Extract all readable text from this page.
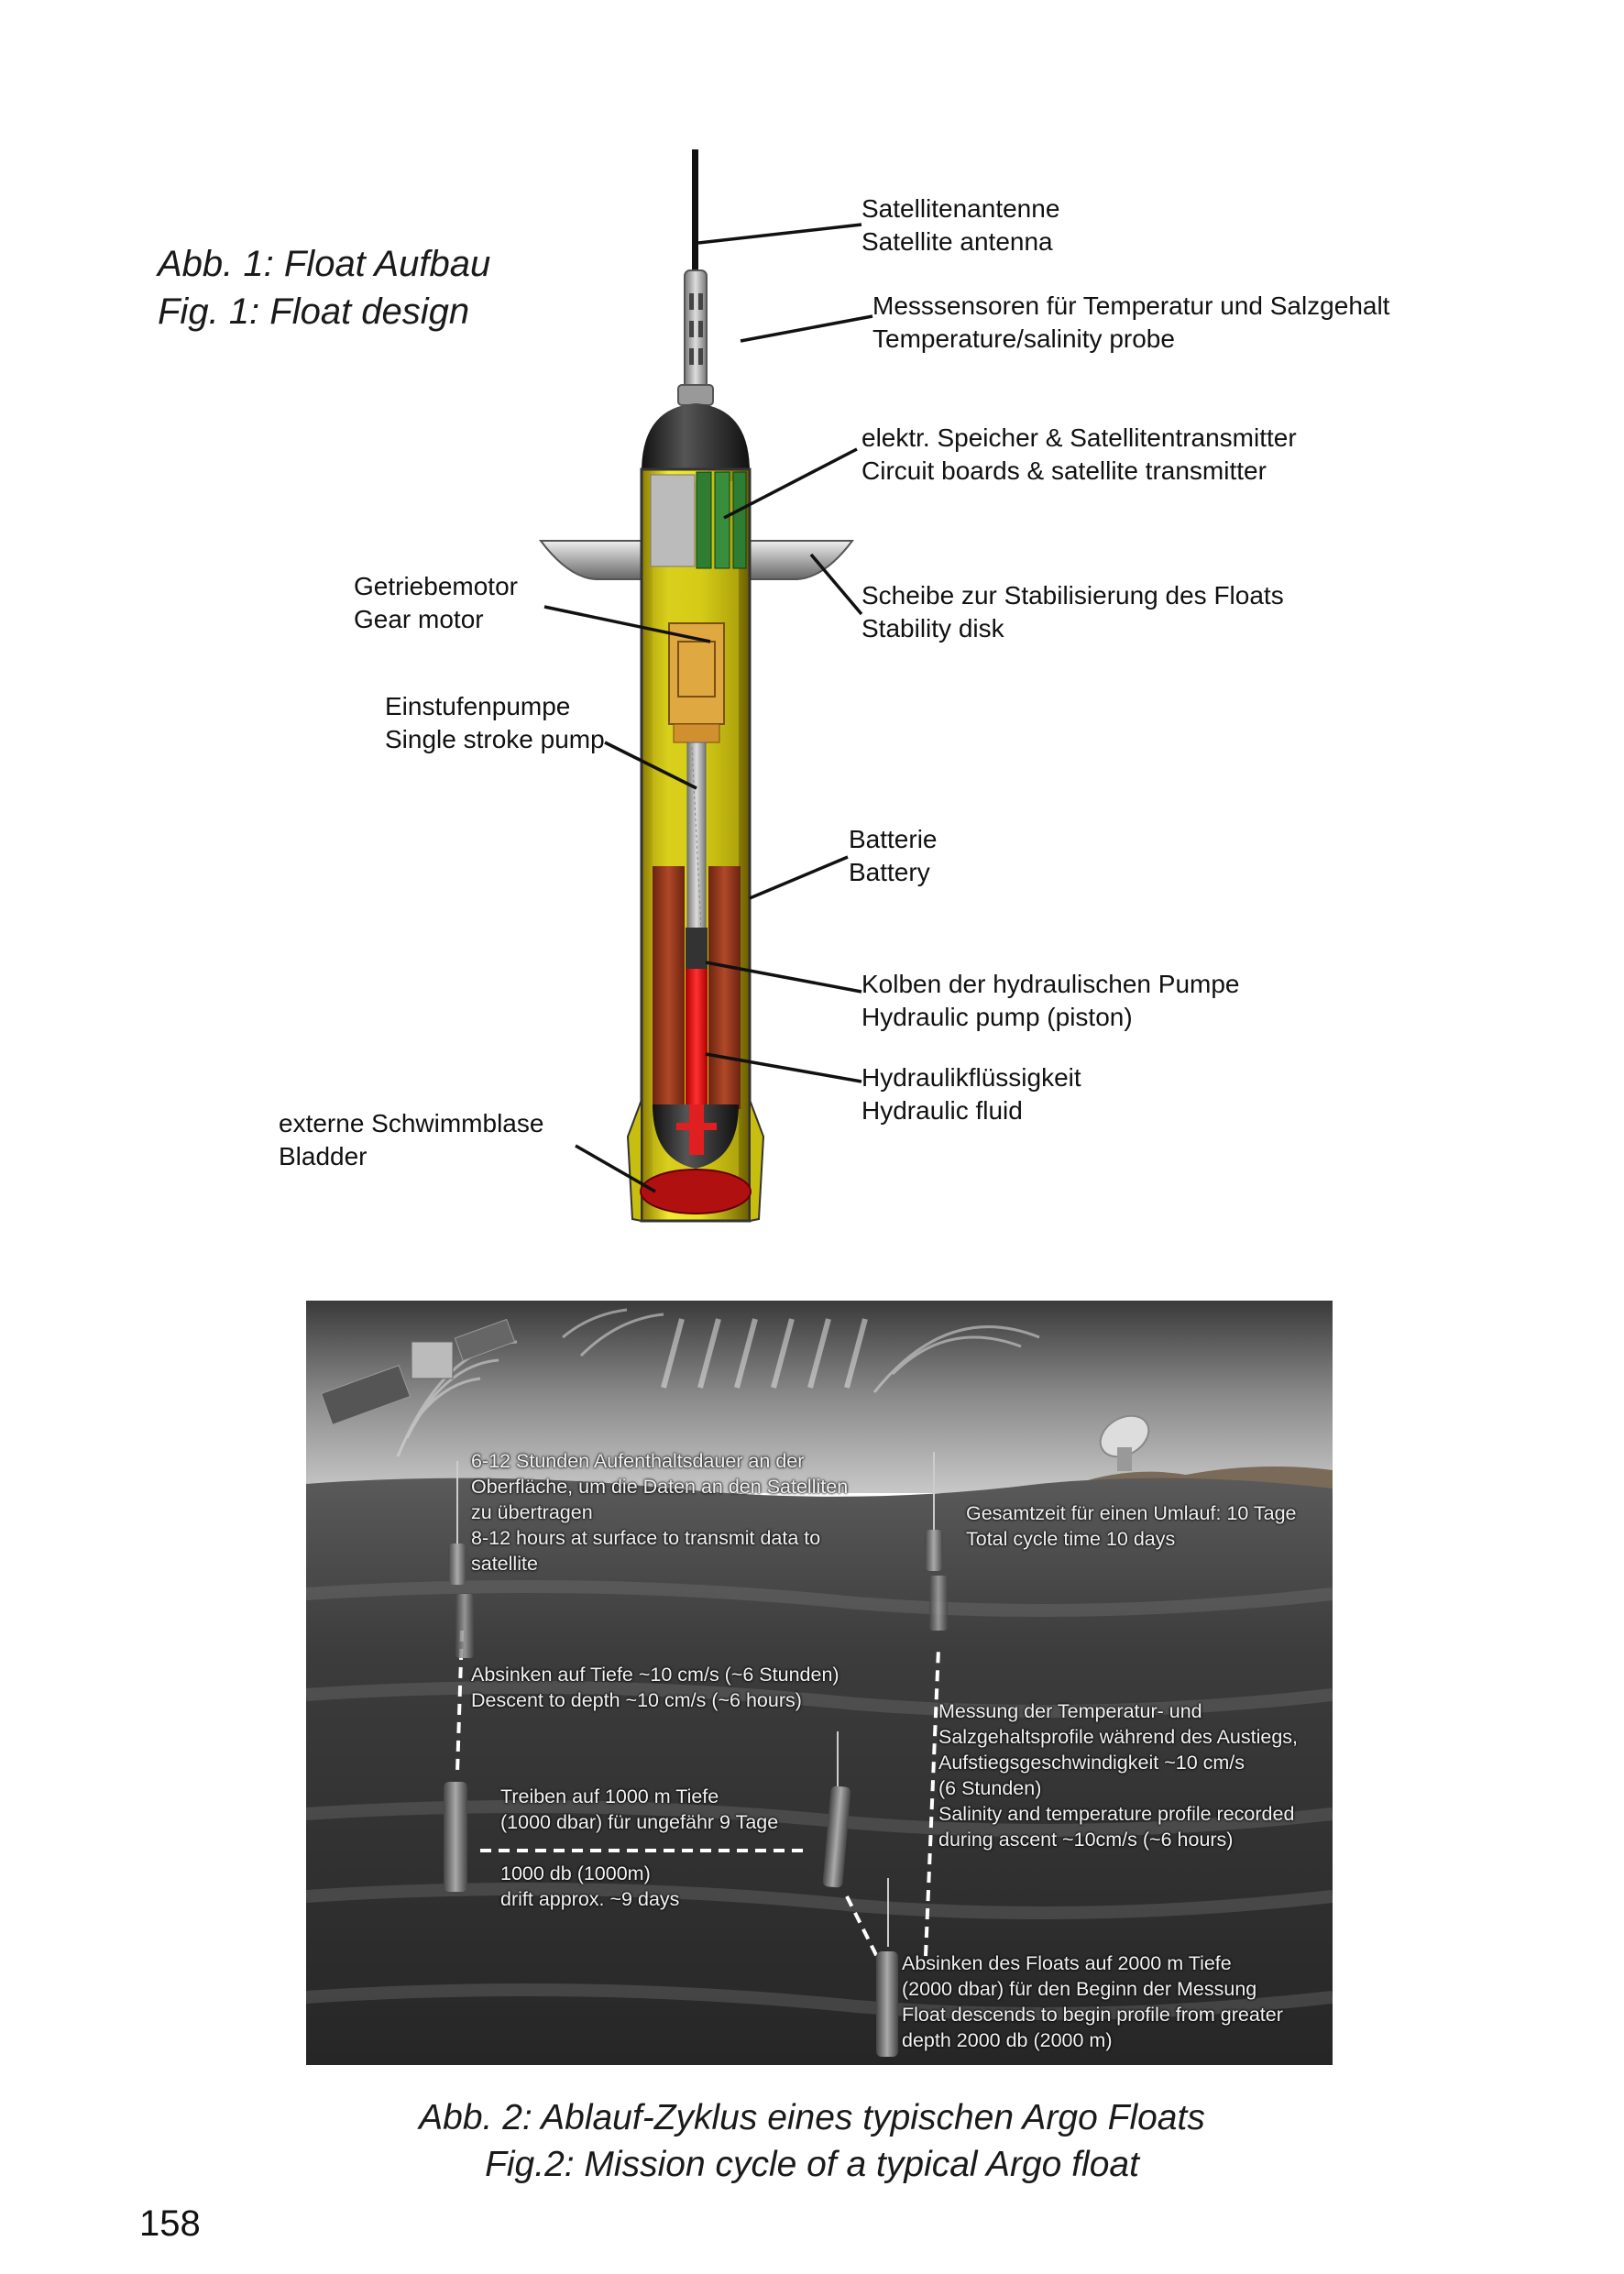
Abb. 1: Float Aufbau
Fig. 1: Float design
Satellitenantenne
Satellite antenna
Messsensoren für Temperatur und Salzgehalt
Temperature/salinity probe
elektr. Speicher & Satellitentransmitter
Circuit boards & satellite transmitter
Scheibe zur Stabilisierung des Floats
Stability disk
Getriebemotor
Gear motor
Einstufenpumpe
Single stroke pump
Batterie
Battery
Kolben der hydraulischen Pumpe
Hydraulic pump (piston)
Hydraulikflüssigkeit
Hydraulic fluid
externe Schwimmblase
Bladder
6-12 Stunden Aufenthaltsdauer an der
Oberfläche, um die Daten an den Satelliten
zu übertragen
8-12 hours at surface to transmit data to
satellite
Gesamtzeit für einen Umlauf: 10 Tage
Total cycle time 10 days
Absinken auf Tiefe ~10 cm/s (~6 Stunden)
Descent to depth ~10 cm/s (~6 hours)	Messung der Temperatur- und
Salzgehaltsprofile während des Austiegs,
Aufstiegsgeschwindigkeit ~10 cm/s
(6 Stunden)
Salinity and temperature profile recorded
during ascent ~10cm/s (~6 hours)
Treiben auf 1000 m Tiefe
(1000 dbar) für ungefähr 9 Tage
1000 db (1000m)
drift approx. ~9 days
Absinken des Floats auf 2000 m Tiefe
(2000 dbar) für den Beginn der Messung
Float descends to begin profile from greater
depth 2000 db (2000 m)
Abb. 2: Ablauf-Zyklus eines typischen Argo Floats
Fig.2: Mission cycle of a typical Argo float
158
